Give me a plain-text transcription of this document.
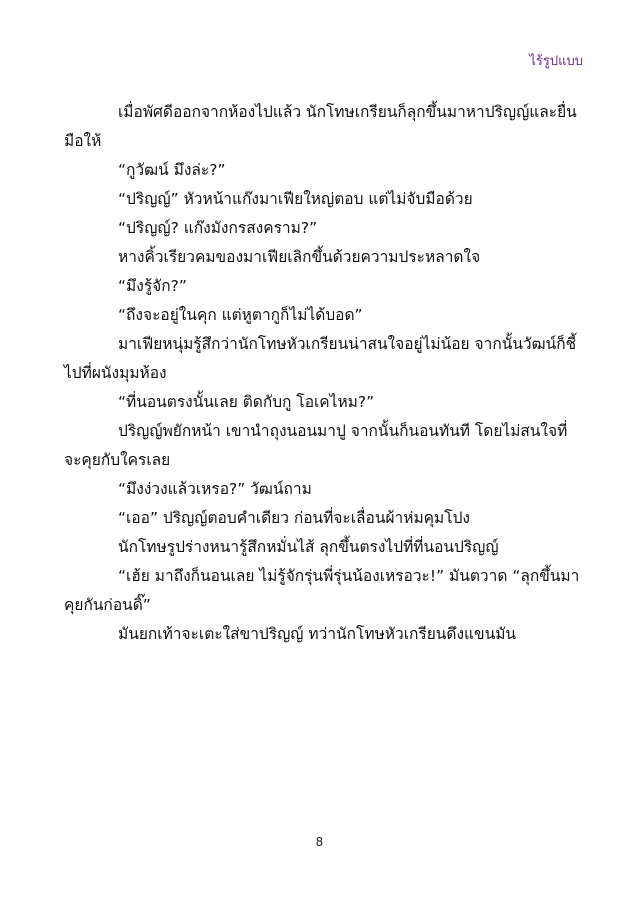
ไร้รูปแบบ

เมื่อพัศดีออกจากห้องไปแล้ว นักโทษเกรียนก็ลุกขึ้นมาหาปริญญ์และยื่นมือให้

“กูวัฒน์ มึงล่ะ?”

“ปริญญ์” หัวหน้าแก๊งมาเฟียใหญ่ตอบ แต่ไม่จับมือด้วย

“ปริญญ์? แก๊งมังกรสงคราม?”

หางคิ้วเรียวคมของมาเฟียเลิกขึ้นด้วยความประหลาดใจ

“มึงรู้จัก?”

“ถึงจะอยู่ในคุก แต่หูตากูก็ไม่ได้บอด”

มาเฟียหนุ่มรู้สึกว่านักโทษหัวเกรียนน่าสนใจอยู่ไม่น้อย จากนั้นวัฒน์ก็ชี้ไปที่ผนังมุมห้อง

“ที่นอนตรงนั้นเลย ติดกับกู โอเคไหม?”

ปริญญ์พยักหน้า เขานำถุงนอนมาปู จากนั้นก็นอนทันที โดยไม่สนใจที่จะคุยกับใครเลย

“มึงง่วงแล้วเหรอ?” วัฒน์ถาม

“เออ” ปริญญ์ตอบคำเดียว ก่อนที่จะเลื่อนผ้าห่มคุมโปง

นักโทษรูปร่างหนารู้สึกหมั่นไส้ ลุกขึ้นตรงไปที่ที่นอนปริญญ์

“เฮ้ย มาถึงก็นอนเลย ไม่รู้จักรุ่นพี่รุ่นน้องเหรอวะ!” มันตวาด “ลุกขึ้นมาคุยกันก่อนดิ๊”

มันยกเท้าจะเตะใส่ขาปริญญ์ ทว่านักโทษหัวเกรียนดึงแขนมัน

8
